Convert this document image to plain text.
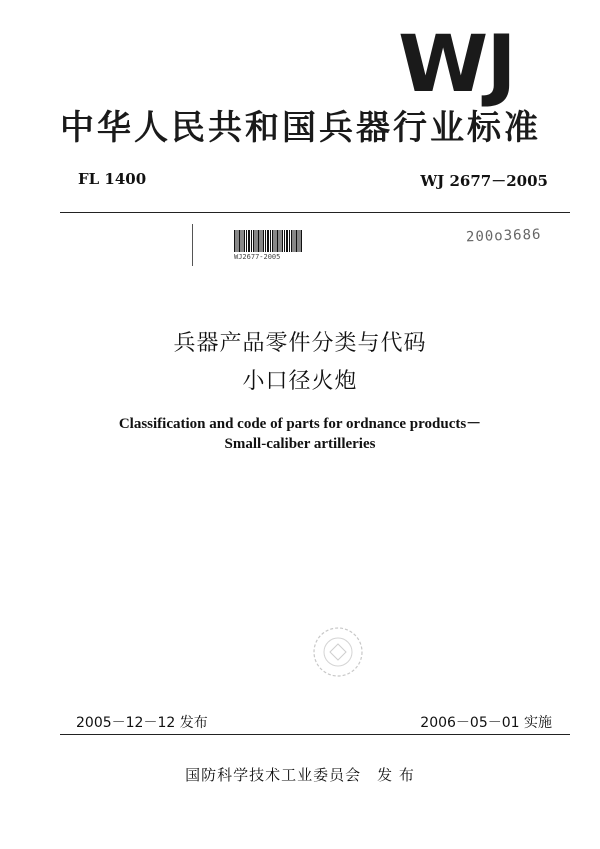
WJ
中华人民共和国兵器行业标准
FL 1400	WJ 2677－2005
WJ2677-2005
200o3686
兵器产品零件分类与代码
小口径火炮
Classification and code of parts for ordnance products－
Small-caliber artilleries
2005－12－12 发布	2006－05－01 实施
国防科学技术工业委员会　发 布
